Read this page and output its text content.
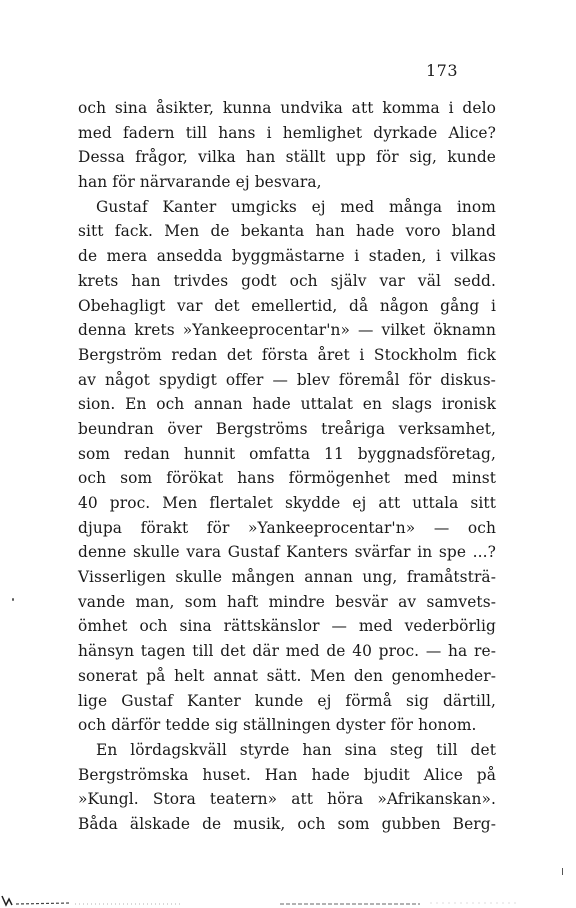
173
och sina åsikter, kunna undvika att komma i delo
med fadern till hans i hemlighet dyrkade Alice?
Dessa frågor, vilka han ställt upp för sig, kunde
han för närvarande ej besvara,
Gustaf Kanter umgicks ej med många inom
sitt fack. Men de bekanta han hade voro bland
de mera ansedda byggmästarne i staden, i vilkas
krets han trivdes godt och själv var väl sedd.
Obehagligt var det emellertid, då någon gång i
denna krets »Yankeeprocentar'n» — vilket öknamn
Bergström redan det första året i Stockholm fick
av något spydigt offer — blev föremål för diskus-
sion. En och annan hade uttalat en slags ironisk
beundran över Bergströms treåriga verksamhet,
som redan hunnit omfatta 11 byggnadsföretag,
och som förökat hans förmögenhet med minst
40 proc. Men flertalet skydde ej att uttala sitt
djupa förakt för »Yankeeprocentar'n» — och
denne skulle vara Gustaf Kanters svärfar in spe ...?
Visserligen skulle mången annan ung, framåtsträ-
vande man, som haft mindre besvär av samvets-
ömhet och sina rättskänslor — med vederbörlig
hänsyn tagen till det där med de 40 proc. — ha re-
sonerat på helt annat sätt. Men den genomheder-
lige Gustaf Kanter kunde ej förmå sig därtill,
och därför tedde sig ställningen dyster för honom.
En lördagskväll styrde han sina steg till det
Bergströmska huset. Han hade bjudit Alice på
»Kungl. Stora teatern» att höra »Afrikanskan».
Båda älskade de musik, och som gubben Berg-
